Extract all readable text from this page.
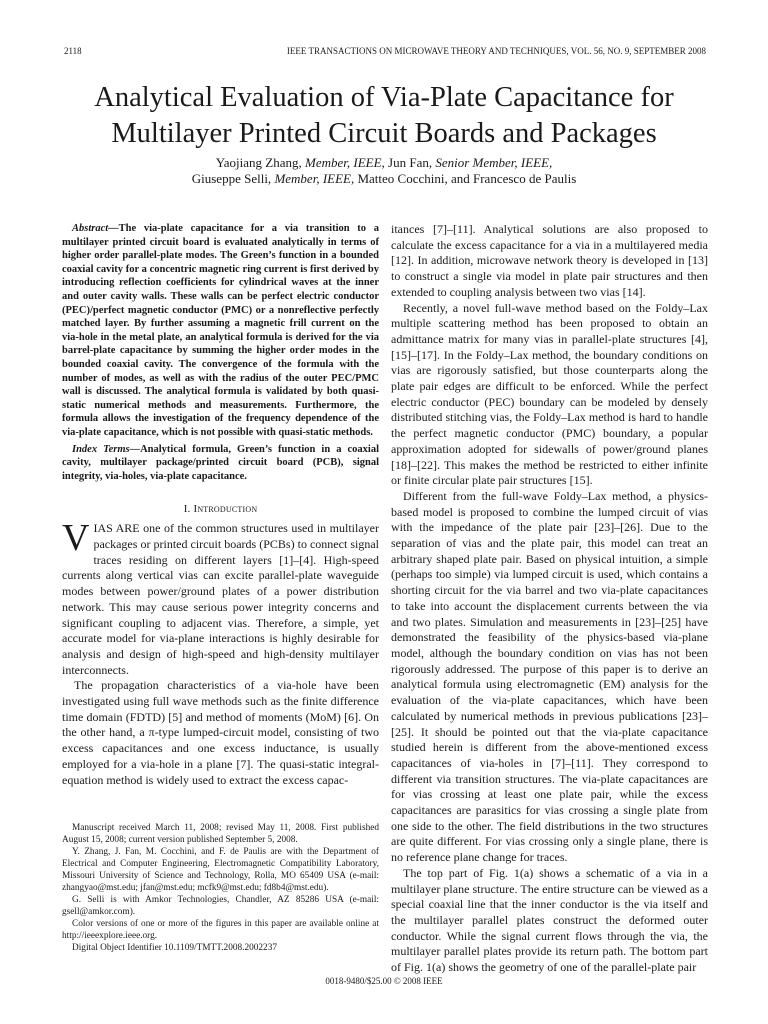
2118	IEEE TRANSACTIONS ON MICROWAVE THEORY AND TECHNIQUES, VOL. 56, NO. 9, SEPTEMBER 2008
Analytical Evaluation of Via-Plate Capacitance for
Multilayer Printed Circuit Boards and Packages
Yaojiang Zhang, Member, IEEE, Jun Fan, Senior Member, IEEE,
Giuseppe Selli, Member, IEEE, Matteo Cocchini, and Francesco de Paulis

Abstract—The via-plate capacitance for a via transition to a multilayer printed circuit board is evaluated analytically in terms of higher order parallel-plate modes. The Green’s function in a bounded coaxial cavity for a concentric magnetic ring current is first derived by introducing reflection coefficients for cylindrical waves at the inner and outer cavity walls. These walls can be perfect electric conductor (PEC)/perfect magnetic conductor (PMC) or a nonreflective perfectly matched layer. By further assuming a magnetic frill current on the via-hole in the metal plate, an analytical formula is derived for the via barrel-plate capacitance by summing the higher order modes in the bounded coaxial cavity. The convergence of the formula with the number of modes, as well as with the radius of the outer PEC/PMC wall is discussed. The analytical formula is validated by both quasi-static numerical methods and measurements. Furthermore, the formula allows the investigation of the frequency dependence of the via-plate capacitance, which is not possible with quasi-static methods.

Index Terms—Analytical formula, Green’s function in a coaxial cavity, multilayer package/printed circuit board (PCB), signal integrity, via-holes, via-plate capacitance.

I. Introduction
V IAS ARE one of the common structures used in multilayer packages or printed circuit boards (PCBs) to connect signal traces residing on different layers [1]–[4]. High-speed currents along vertical vias can excite parallel-plate waveguide modes between power/ground plates of a power distribution network. This may cause serious power integrity concerns and significant coupling to adjacent vias. Therefore, a simple, yet accurate model for via-plane interactions is highly desirable for analysis and design of high-speed and high-density multilayer interconnects.

The propagation characteristics of a via-hole have been investigated using full wave methods such as the finite difference time domain (FDTD) [5] and method of moments (MoM) [6]. On the other hand, a π-type lumped-circuit model, consisting of two excess capacitances and one excess inductance, is usually employed for a via-hole in a plane [7]. The quasi-static integral-equation method is widely used to extract the excess capac-

Manuscript received March 11, 2008; revised May 11, 2008. First published August 15, 2008; current version published September 5, 2008.

Y. Zhang, J. Fan, M. Cocchini, and F. de Paulis are with the Department of Electrical and Computer Engineering, Electromagnetic Compatibility Laboratory, Missouri University of Science and Technology, Rolla, MO 65409 USA (e-mail: zhangyao@mst.edu; jfan@mst.edu; mcfk9@mst.edu; fd8b4@mst.edu).

G. Selli is with Amkor Technologies, Chandler, AZ 85286 USA (e-mail: gsell@amkor.com).

Color versions of one or more of the figures in this paper are available online at http://ieeexplore.ieee.org.

Digital Object Identifier 10.1109/TMTT.2008.2002237

itances [7]–[11]. Analytical solutions are also proposed to calculate the excess capacitance for a via in a multilayered media [12]. In addition, microwave network theory is developed in [13] to construct a single via model in plate pair structures and then extended to coupling analysis between two vias [14].

Recently, a novel full-wave method based on the Foldy–Lax multiple scattering method has been proposed to obtain an admittance matrix for many vias in parallel-plate structures [4], [15]–[17]. In the Foldy–Lax method, the boundary conditions on vias are rigorously satisfied, but those counterparts along the plate pair edges are difficult to be enforced. While the perfect electric conductor (PEC) boundary can be modeled by densely distributed stitching vias, the Foldy–Lax method is hard to handle the perfect magnetic conductor (PMC) boundary, a popular approximation adopted for sidewalls of power/ground planes [18]–[22]. This makes the method be restricted to either infinite or finite circular plate pair structures [15].

Different from the full-wave Foldy–Lax method, a physics-based model is proposed to combine the lumped circuit of vias with the impedance of the plate pair [23]–[26]. Due to the separation of vias and the plate pair, this model can treat an arbitrary shaped plate pair. Based on physical intuition, a simple (perhaps too simple) via lumped circuit is used, which contains a shorting circuit for the via barrel and two via-plate capacitances to take into account the displacement currents between the via and two plates. Simulation and measurements in [23]–[25] have demonstrated the feasibility of the physics-based via-plane model, although the boundary condition on vias has not been rigorously addressed. The purpose of this paper is to derive an analytical formula using electromagnetic (EM) analysis for the evaluation of the via-plate capacitances, which have been calculated by numerical methods in previous publications [23]–[25]. It should be pointed out that the via-plate capacitance studied herein is different from the above-mentioned excess capacitances of via-holes in [7]–[11]. They correspond to different via transition structures. The via-plate capacitances are for vias crossing at least one plate pair, while the excess capacitances are parasitics for vias crossing a single plate from one side to the other. The field distributions in the two structures are quite different. For vias crossing only a single plane, there is no reference plane change for traces.

The top part of Fig. 1(a) shows a schematic of a via in a multilayer plane structure. The entire structure can be viewed as a special coaxial line that the inner conductor is the via itself and the multilayer parallel plates construct the deformed outer conductor. While the signal current flows through the via, the multilayer parallel plates provide its return path. The bottom part of Fig. 1(a) shows the geometry of one of the parallel-plate pair

0018-9480/$25.00 © 2008 IEEE
